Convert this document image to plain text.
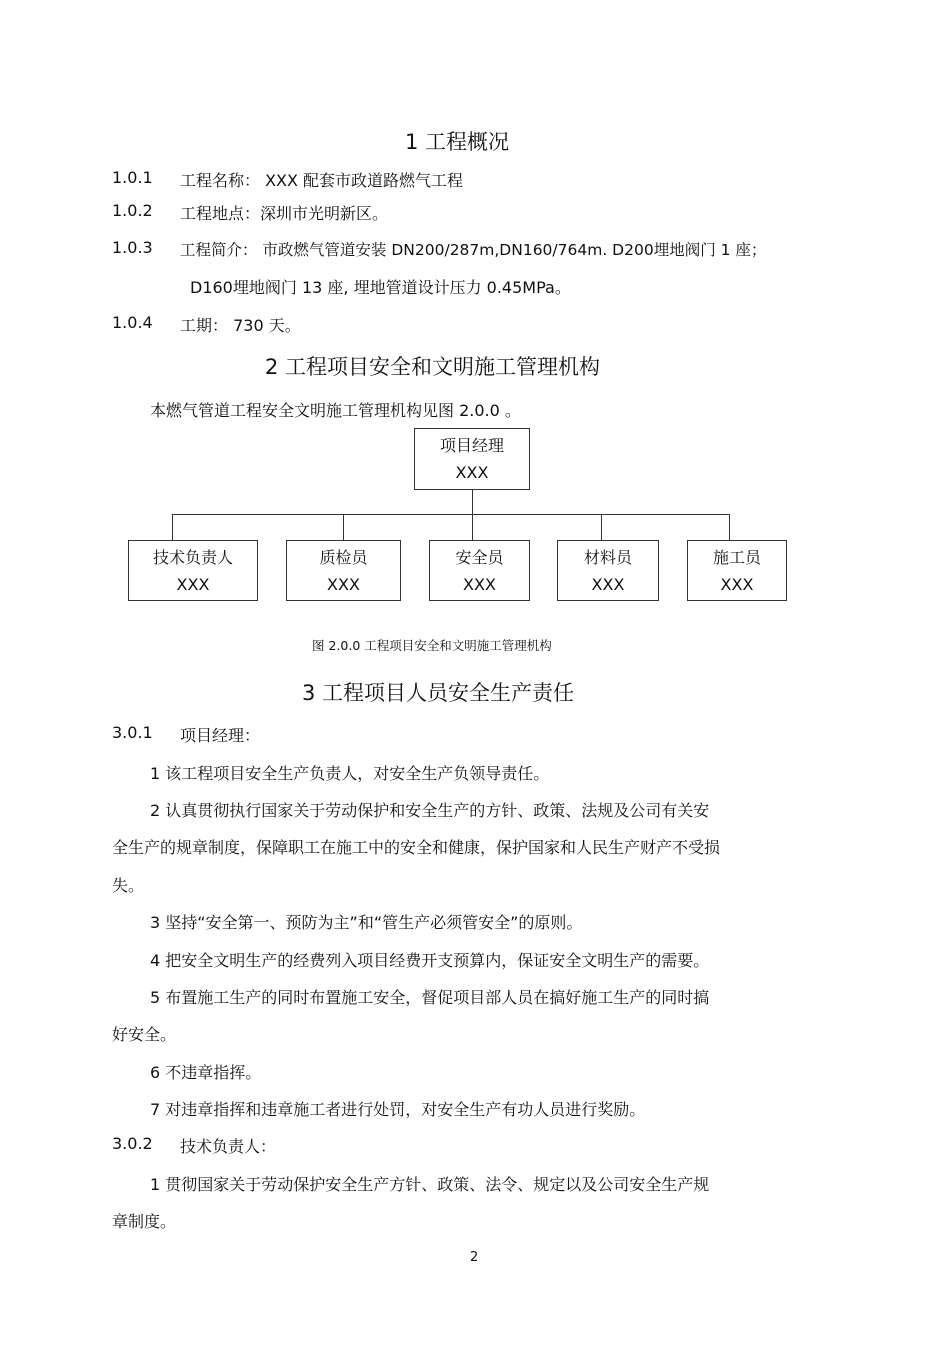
1 工程概况
1.0.1 工程名称： XXX 配套市政道路燃气工程
1.0.2 工程地点：深圳市光明新区。
1.0.3 工程简介： 市政燃气管道安装 DN200/287m,DN160/764m. D200埋地阀门 1 座；
D160埋地阀门 13 座, 埋地管道设计压力 0.45MPa。
1.0.4 工期： 730 天。
2 工程项目安全和文明施工管理机构
本燃气管道工程安全文明施工管理机构见图 2.0.0 。
项目经理
XXX
技术负责人
XXX
质检员
XXX
安全员
XXX
材料员
XXX
施工员
XXX
图 2.0.0 工程项目安全和文明施工管理机构
3 工程项目人员安全生产责任
3.0.1 项目经理：
1 该工程项目安全生产负责人，对安全生产负领导责任。
2 认真贯彻执行国家关于劳动保护和安全生产的方针、政策、法规及公司有关安
全生产的规章制度，保障职工在施工中的安全和健康，保护国家和人民生产财产不受损
失。
3 坚持“安全第一、预防为主”和“管生产必须管安全”的原则。
4 把安全文明生产的经费列入项目经费开支预算内，保证安全文明生产的需要。
5 布置施工生产的同时布置施工安全，督促项目部人员在搞好施工生产的同时搞
好安全。
6 不违章指挥。
7 对违章指挥和违章施工者进行处罚，对安全生产有功人员进行奖励。
3.0.2 技术负责人：
1 贯彻国家关于劳动保护安全生产方针、政策、法令、规定以及公司安全生产规
章制度。
2
